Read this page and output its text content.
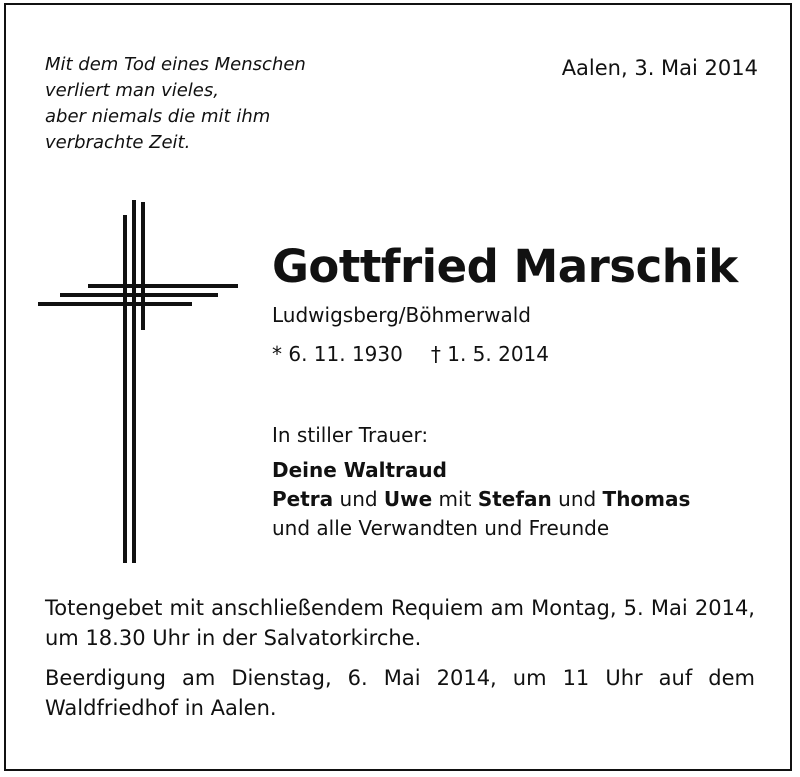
Mit dem Tod eines Menschen
verliert man vieles,
aber niemals die mit ihm
verbrachte Zeit.
Aalen, 3. Mai 2014
Gottfried Marschik
Ludwigsberg/Böhmerwald
* 6. 11. 1930 † 1. 5. 2014
In stiller Trauer:
Deine Waltraud
Petra und Uwe mit Stefan und Thomas
und alle Verwandten und Freunde
Totengebet mit anschließendem Requiem am Montag, 5. Mai 2014, um 18.30 Uhr in der Salvatorkirche.
Beerdigung am Dienstag, 6. Mai 2014, um 11 Uhr auf dem Waldfriedhof in Aalen.
